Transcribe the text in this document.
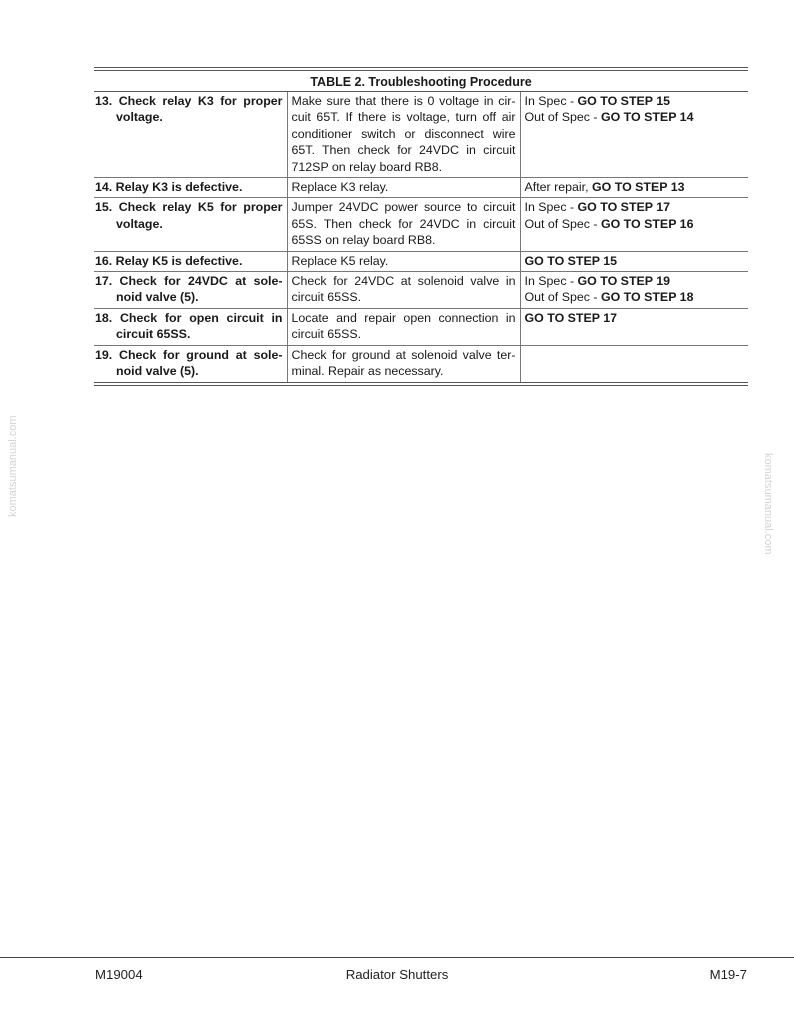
TABLE 2. Troubleshooting Procedure
13. Check relay K3 for proper voltage.	Make sure that there is 0 voltage in cir-cuit 65T. If there is voltage, turn off air conditioner switch or disconnect wire 65T. Then check for 24VDC in circuit 712SP on relay board RB8.	In Spec - GO TO STEP 15
Out of Spec - GO TO STEP 14

14. Relay K3 is defective.	Replace K3 relay.	After repair, GO TO STEP 13

15. Check relay K5 for proper voltage.	Jumper 24VDC power source to circuit 65S. Then check for 24VDC in circuit 65SS on relay board RB8.	In Spec - GO TO STEP 17
Out of Spec - GO TO STEP 16

16. Relay K5 is defective.	Replace K5 relay.	GO TO STEP 15

17. Check for 24VDC at sole-noid valve (5).	Check for 24VDC at solenoid valve in circuit 65SS.	In Spec - GO TO STEP 19
Out of Spec - GO TO STEP 18

18. Check for open circuit in circuit 65SS.	Locate and repair open connection in circuit 65SS.	GO TO STEP 17

19. Check for ground at sole-noid valve (5).	Check for ground at solenoid valve ter-minal. Repair as necessary.	
komatsumanual.com	komatsumanual.com
M19004	Radiator Shutters	M19-7
